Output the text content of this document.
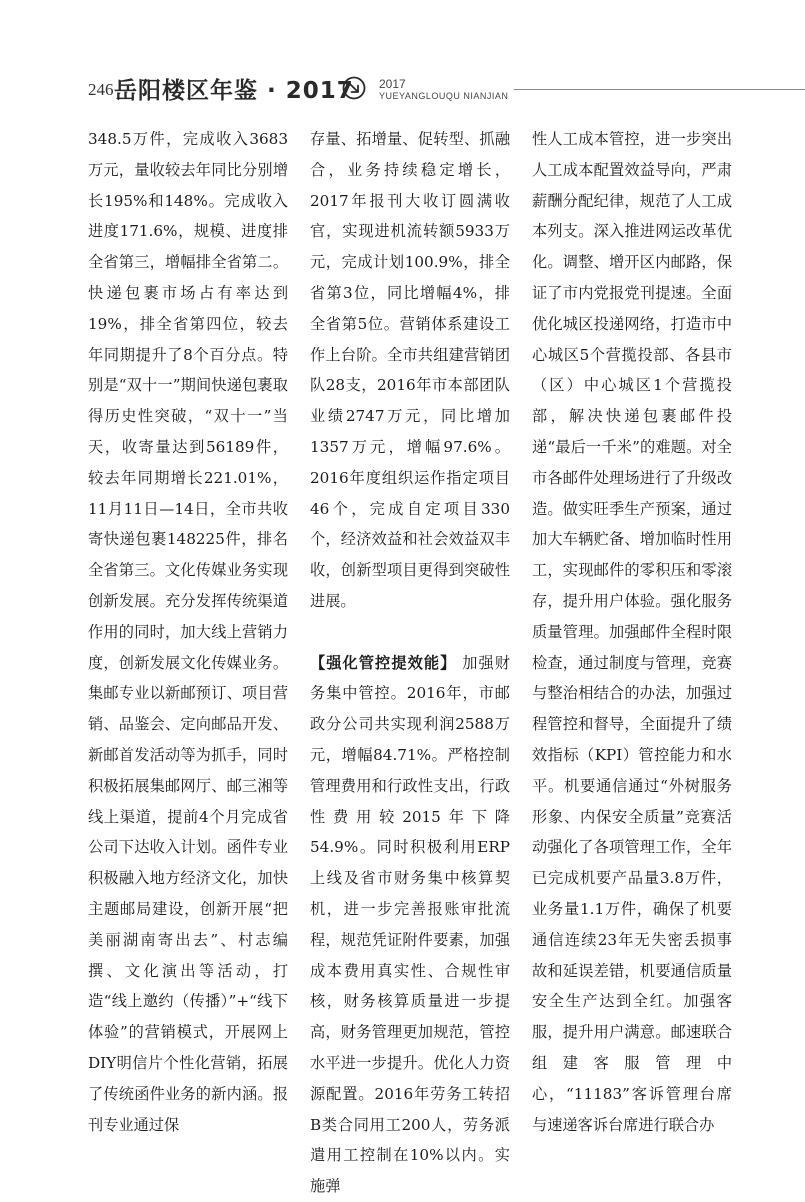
246 岳阳楼区年鉴 · 2017 2017
YUEYANGLOUQU NIANJIAN

348.5万件，完成收入3683万元，量收较去年同比分别增长195%和148%。完成收入进度171.6%，规模、进度排全省第三，增幅排全省第二。快递包裹市场占有率达到19%，排全省第四位，较去年同期提升了8个百分点。特别是“双十一”期间快递包裹取得历史性突破，“双十一”当天，收寄量达到56189件，较去年同期增长221.01%，11月11日—14日，全市共收寄快递包裹148225件，排名全省第三。文化传媒业务实现创新发展。充分发挥传统渠道作用的同时，加大线上营销力度，创新发展文化传媒业务。集邮专业以新邮预订、项目营销、品鉴会、定向邮品开发、新邮首发活动等为抓手，同时积极拓展集邮网厅、邮三湘等线上渠道，提前4个月完成省公司下达收入计划。函件专业积极融入地方经济文化，加快主题邮局建设，创新开展“把美丽湖南寄出去”、村志编撰、文化演出等活动，打造“线上邀约（传播）”+“线下体验”的营销模式，开展网上DIY明信片个性化营销，拓展了传统函件业务的新内涵。报刊专业通过保

存量、拓增量、促转型、抓融合，业务持续稳定增长，2017年报刊大收订圆满收官，实现进机流转额5933万元，完成计划100.9%，排全省第3位，同比增幅4%，排全省第5位。营销体系建设工作上台阶。全市共组建营销团队28支，2016年市本部团队业绩2747万元，同比增加1357万元，增幅97.6%。2016年度组织运作指定项目46个，完成自定项目330个，经济效益和社会效益双丰收，创新型项目更得到突破性进展。

【强化管控提效能】 加强财务集中管控。2016年，市邮政分公司共实现利润2588万元，增幅84.71%。严格控制管理费用和行政性支出，行政性费用较2015年下降54.9%。同时积极利用ERP上线及省市财务集中核算契机，进一步完善报账审批流程，规范凭证附件要素，加强成本费用真实性、合规性审核，财务核算质量进一步提高，财务管理更加规范，管控水平进一步提升。优化人力资源配置。2016年劳务工转招B类合同用工200人，劳务派遣用工控制在10%以内。实施弹

性人工成本管控，进一步突出人工成本配置效益导向，严肃薪酬分配纪律，规范了人工成本列支。深入推进网运改革优化。调整、增开区内邮路，保证了市内党报党刊提速。全面优化城区投递网络，打造市中心城区5个营揽投部、各县市（区）中心城区1个营揽投部，解决快递包裹邮件投递“最后一千米”的难题。对全市各邮件处理场进行了升级改造。做实旺季生产预案，通过加大车辆贮备、增加临时性用工，实现邮件的零积压和零滚存，提升用户体验。强化服务质量管理。加强邮件全程时限检查，通过制度与管理，竞赛与整治相结合的办法，加强过程管控和督导，全面提升了绩效指标（KPI）管控能力和水平。机要通信通过“外树服务形象、内保安全质量”竞赛活动强化了各项管理工作，全年已完成机要产品量3.8万件，业务量1.1万件，确保了机要通信连续23年无失密丢损事故和延误差错，机要通信质量安全生产达到全红。加强客服，提升用户满意。邮速联合组建客服管理中心，“11183”客诉管理台席与速递客诉台席进行联合办
